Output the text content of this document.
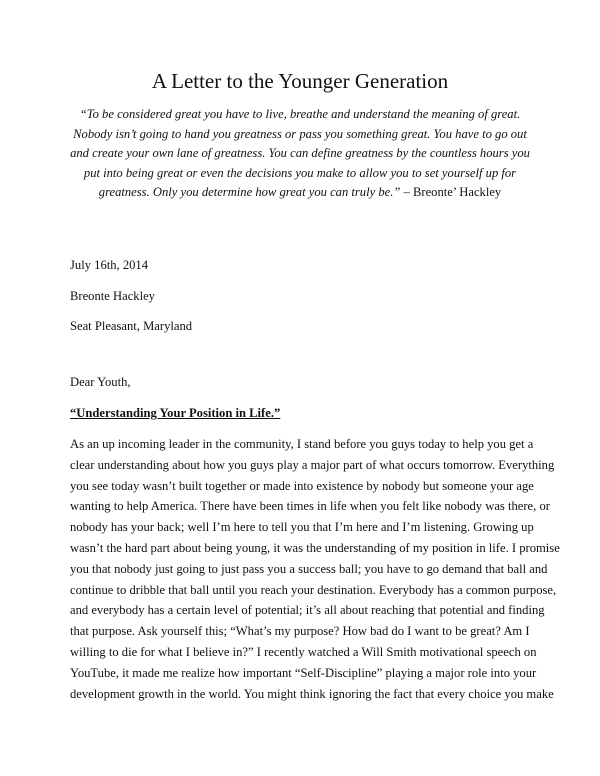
A Letter to the Younger Generation

“To be considered great you have to live, breathe and understand the meaning of great. Nobody isn’t going to hand you greatness or pass you something great. You have to go out and create your own lane of greatness. You can define greatness by the countless hours you put into being great or even the decisions you make to allow you to set yourself up for greatness. Only you determine how great you can truly be.” – Breonte’ Hackley

July 16th, 2014

Breonte Hackley

Seat Pleasant, Maryland

Dear Youth,

“Understanding Your Position in Life.”

As an up incoming leader in the community, I stand before you guys today to help you get a
clear understanding about how you guys play a major part of what occurs tomorrow. Everything
you see today wasn’t built together or made into existence by nobody but someone your age
wanting to help America. There have been times in life when you felt like nobody was there, or
nobody has your back; well I’m here to tell you that I’m here and I’m listening. Growing up
wasn’t the hard part about being young, it was the understanding of my position in life. I promise
you that nobody just going to just pass you a success ball; you have to go demand that ball and
continue to dribble that ball until you reach your destination. Everybody has a common purpose,
and everybody has a certain level of potential; it’s all about reaching that potential and finding
that purpose. Ask yourself this; “What’s my purpose? How bad do I want to be great? Am I
willing to die for what I believe in?” I recently watched a Will Smith motivational speech on
YouTube, it made me realize how important “Self-Discipline” playing a major role into your
development growth in the world. You might think ignoring the fact that every choice you make
